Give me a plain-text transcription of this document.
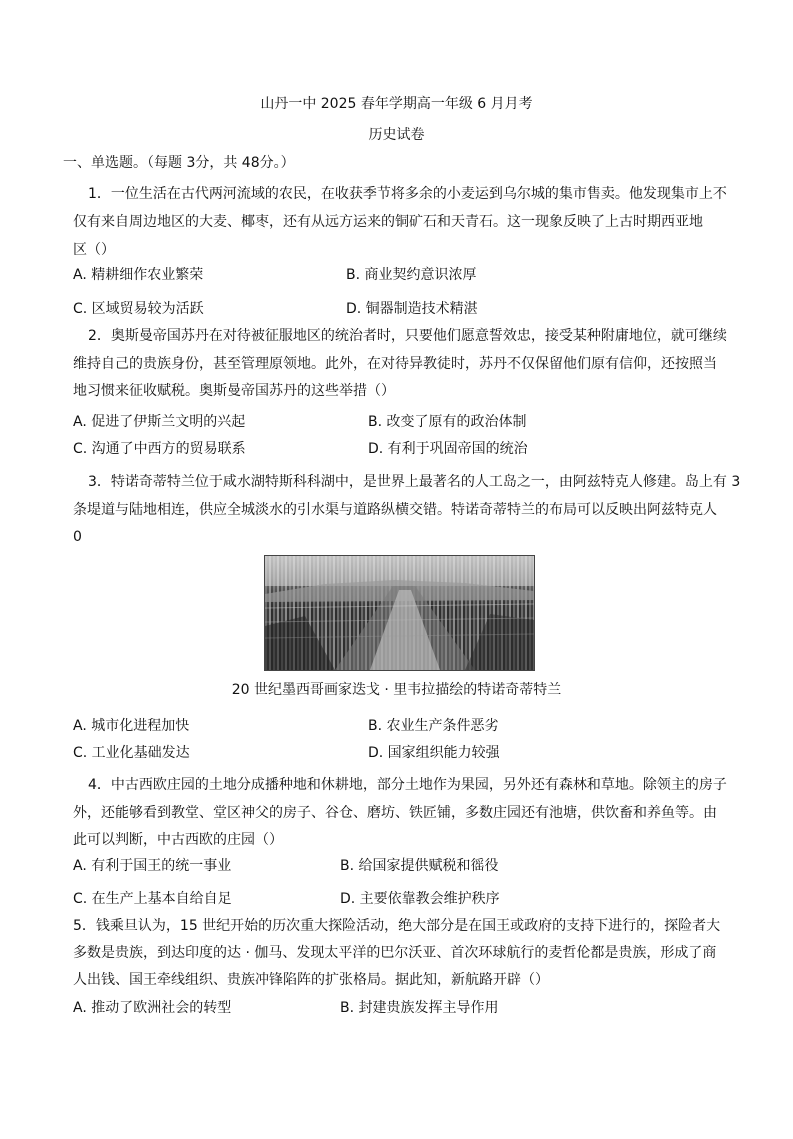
山丹一中 2025 春年学期高一年级 6 月月考
历史试卷
一、单选题。（每题 3分，共 48分。）
1．一位生活在古代两河流域的农民，在收获季节将多余的小麦运到乌尔城的集市售卖。他发现集市上不
仅有来自周边地区的大麦、椰枣，还有从远方运来的铜矿石和天青石。这一现象反映了上古时期西亚地
区（）
A. 精耕细作农业繁荣	B. 商业契约意识浓厚
C. 区域贸易较为活跃	D. 铜器制造技术精湛
2．奥斯曼帝国苏丹在对待被征服地区的统治者时，只要他们愿意誓效忠，接受某种附庸地位，就可继续
维持自己的贵族身份，甚至管理原领地。此外，在对待异教徒时，苏丹不仅保留他们原有信仰，还按照当
地习惯来征收赋税。奥斯曼帝国苏丹的这些举措（）
A. 促进了伊斯兰文明的兴起	B. 改变了原有的政治体制
C. 沟通了中西方的贸易联系	D. 有利于巩固帝国的统治
3．特诺奇蒂特兰位于咸水湖特斯科科湖中，是世界上最著名的人工岛之一，由阿兹特克人修建。岛上有 3
条堤道与陆地相连，供应全城淡水的引水渠与道路纵横交错。特诺奇蒂特兰的布局可以反映出阿兹特克人
0
20 世纪墨西哥画家迭戈 · 里韦拉描绘的特诺奇蒂特兰
A. 城市化进程加快	B. 农业生产条件恶劣
C. 工业化基础发达	D. 国家组织能力较强
4．中古西欧庄园的土地分成播种地和休耕地，部分土地作为果园，另外还有森林和草地。除领主的房子
外，还能够看到教堂、堂区神父的房子、谷仓、磨坊、铁匠铺，多数庄园还有池塘，供饮畜和养鱼等。由
此可以判断，中古西欧的庄园（）
A. 有利于国王的统一事业	B. 给国家提供赋税和徭役
C. 在生产上基本自给自足	D. 主要依靠教会维护秩序
5．钱乘旦认为，15 世纪开始的历次重大探险活动，绝大部分是在国王或政府的支持下进行的，探险者大
多数是贵族，到达印度的达 · 伽马、发现太平洋的巴尔沃亚、首次环球航行的麦哲伦都是贵族，形成了商
人出钱、国王牵线组织、贵族冲锋陷阵的扩张格局。据此知，新航路开辟（）
A. 推动了欧洲社会的转型	B. 封建贵族发挥主导作用
